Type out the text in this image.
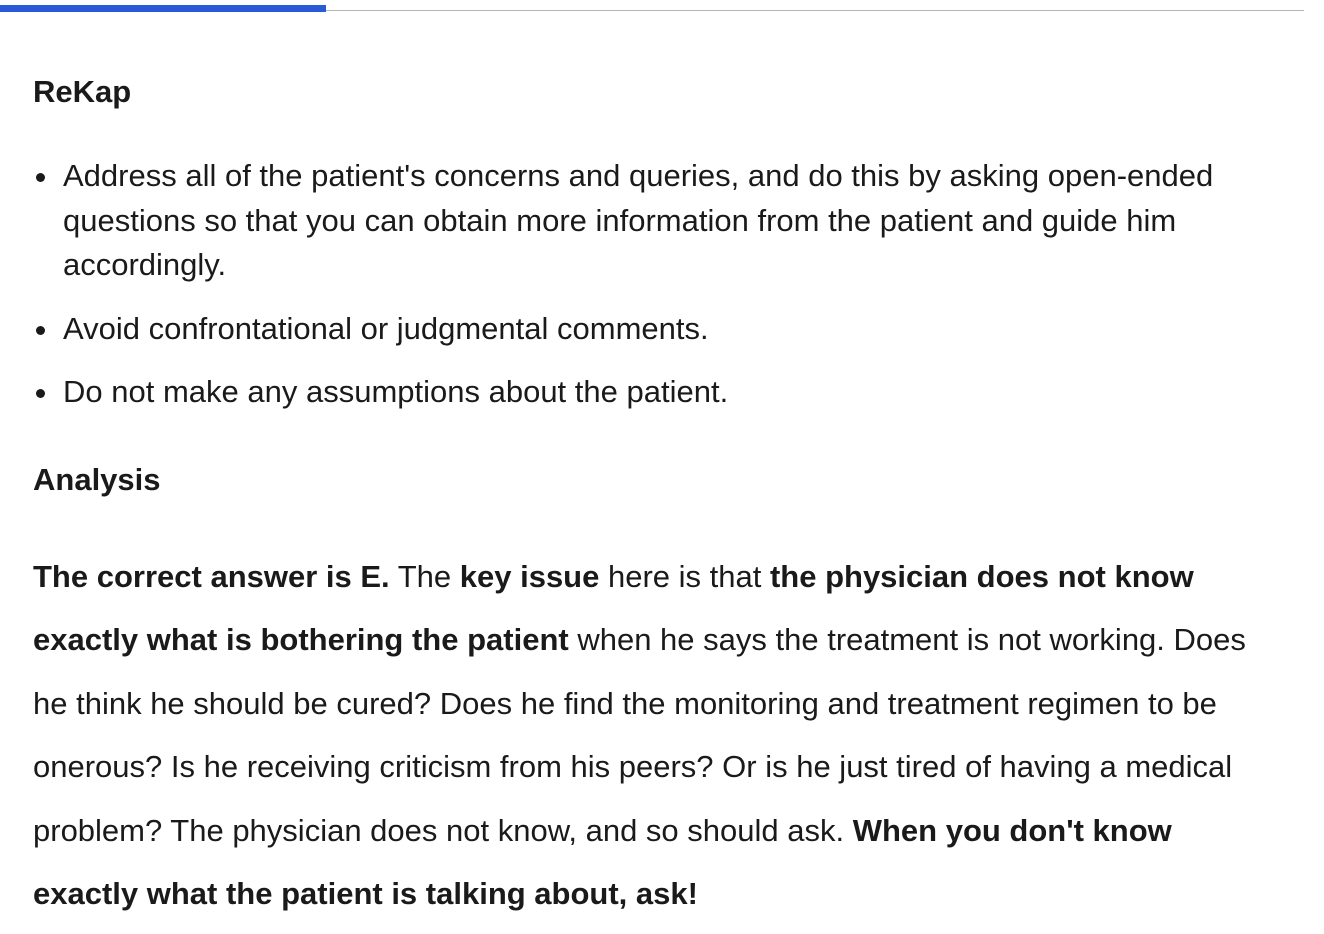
ReKap
Address all of the patient's concerns and queries, and do this by asking open-ended questions so that you can obtain more information from the patient and guide him accordingly.
Avoid confrontational or judgmental comments.
Do not make any assumptions about the patient.
Analysis

The correct answer is E. The key issue here is that the physician does not know exactly what is bothering the patient when he says the treatment is not working. Does he think he should be cured? Does he find the monitoring and treatment regimen to be onerous? Is he receiving criticism from his peers? Or is he just tired of having a medical problem? The physician does not know, and so should ask. When you don't know exactly what the patient is talking about, ask!
